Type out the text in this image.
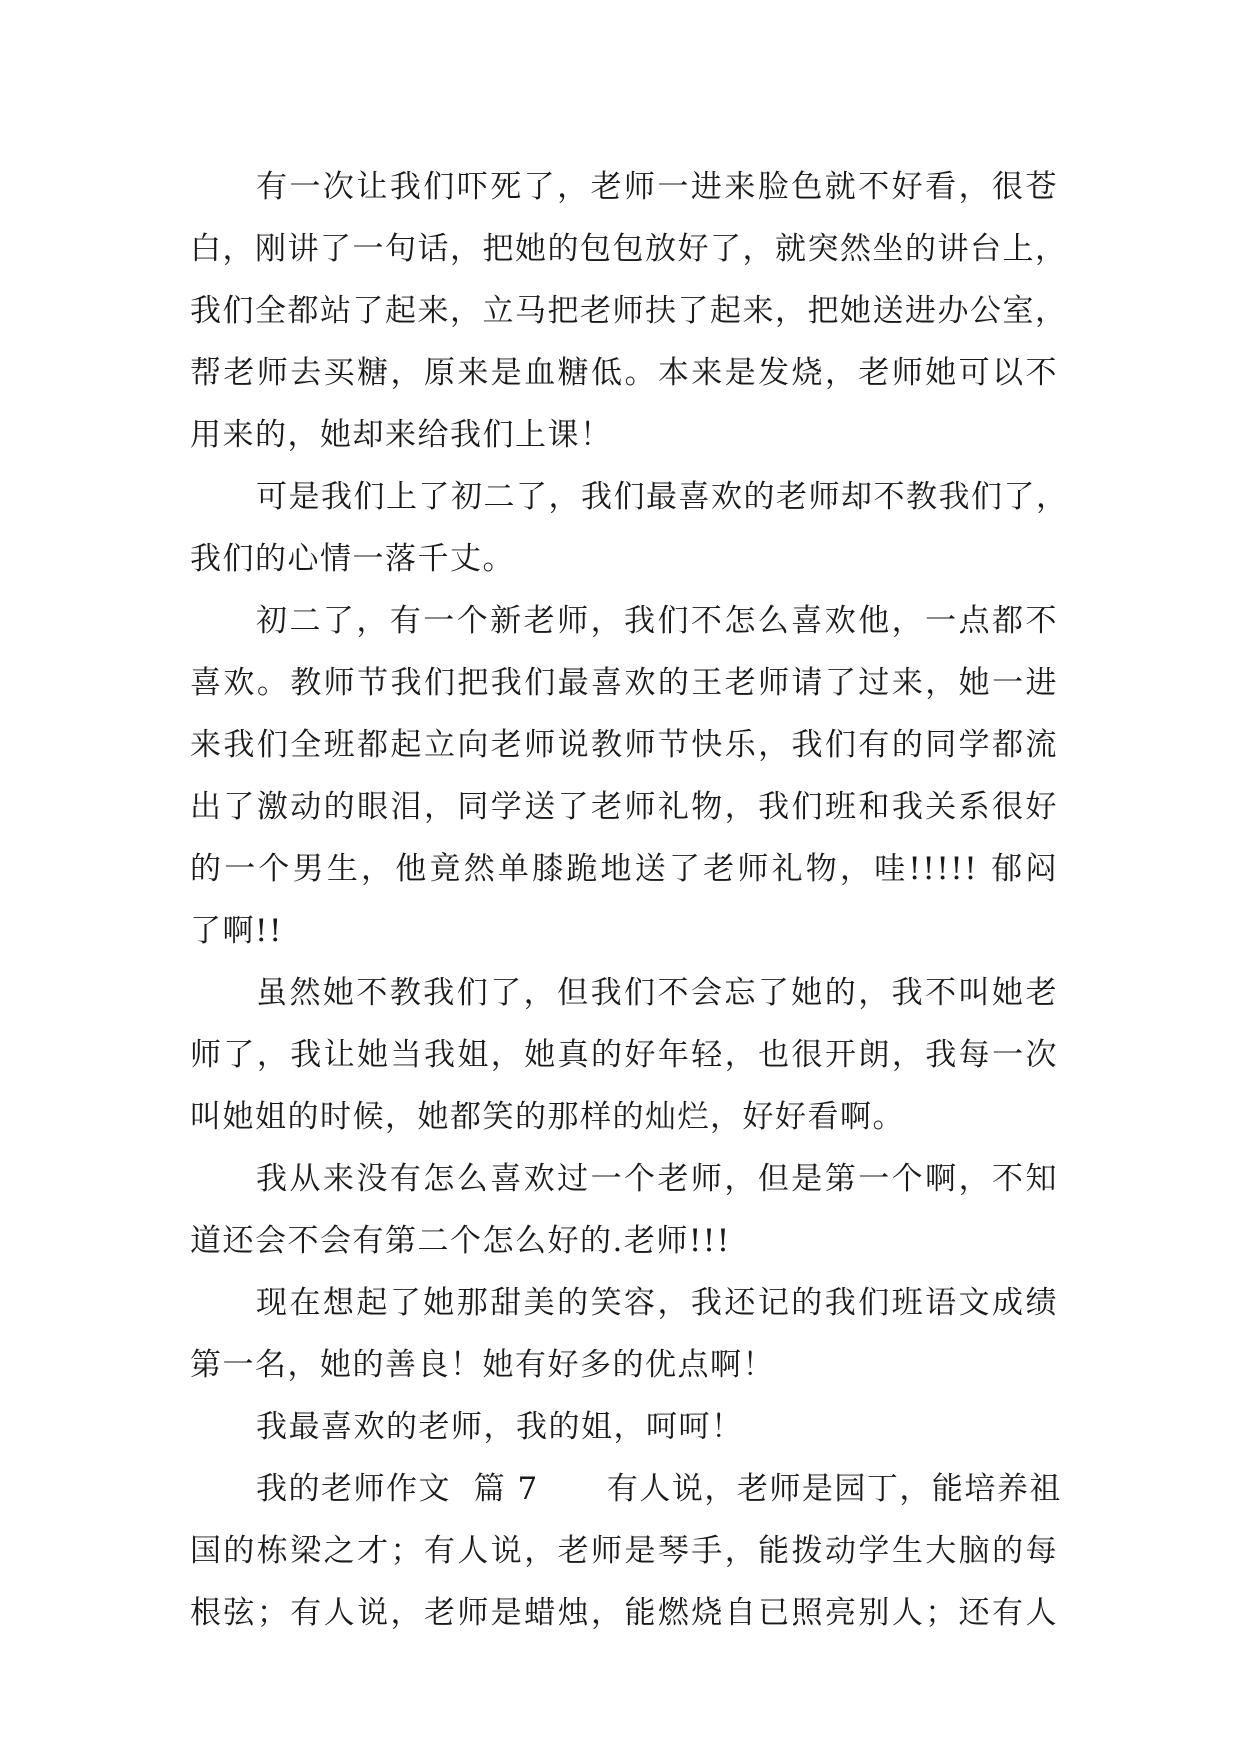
有一次让我们吓死了，老师一进来脸色就不好看，很苍
白，刚讲了一句话，把她的包包放好了，就突然坐的讲台上，
我们全都站了起来，立马把老师扶了起来，把她送进办公室，
帮老师去买糖，原来是血糖低。本来是发烧，老师她可以不
用来的，她却来给我们上课！
可是我们上了初二了，我们最喜欢的老师却不教我们了，
我们的心情一落千丈。
初二了，有一个新老师，我们不怎么喜欢他，一点都不
喜欢。教师节我们把我们最喜欢的王老师请了过来，她一进
来我们全班都起立向老师说教师节快乐，我们有的同学都流
出了激动的眼泪，同学送了老师礼物，我们班和我关系很好
的一个男生，他竟然单膝跪地送了老师礼物，哇!!!!! 郁闷
了啊!!
虽然她不教我们了，但我们不会忘了她的，我不叫她老
师了，我让她当我姐，她真的好年轻，也很开朗，我每一次
叫她姐的时候，她都笑的那样的灿烂，好好看啊。
我从来没有怎么喜欢过一个老师，但是第一个啊，不知
道还会不会有第二个怎么好的.老师!!!
现在想起了她那甜美的笑容，我还记的我们班语文成绩
第一名，她的善良！她有好多的优点啊！
我最喜欢的老师，我的姐，呵呵！
我的老师作文  篇 7      有人说，老师是园丁，能培养祖
国的栋梁之才；有人说，老师是琴手，能拨动学生大脑的每
根弦；有人说，老师是蜡烛，能燃烧自已照亮别人；还有人
